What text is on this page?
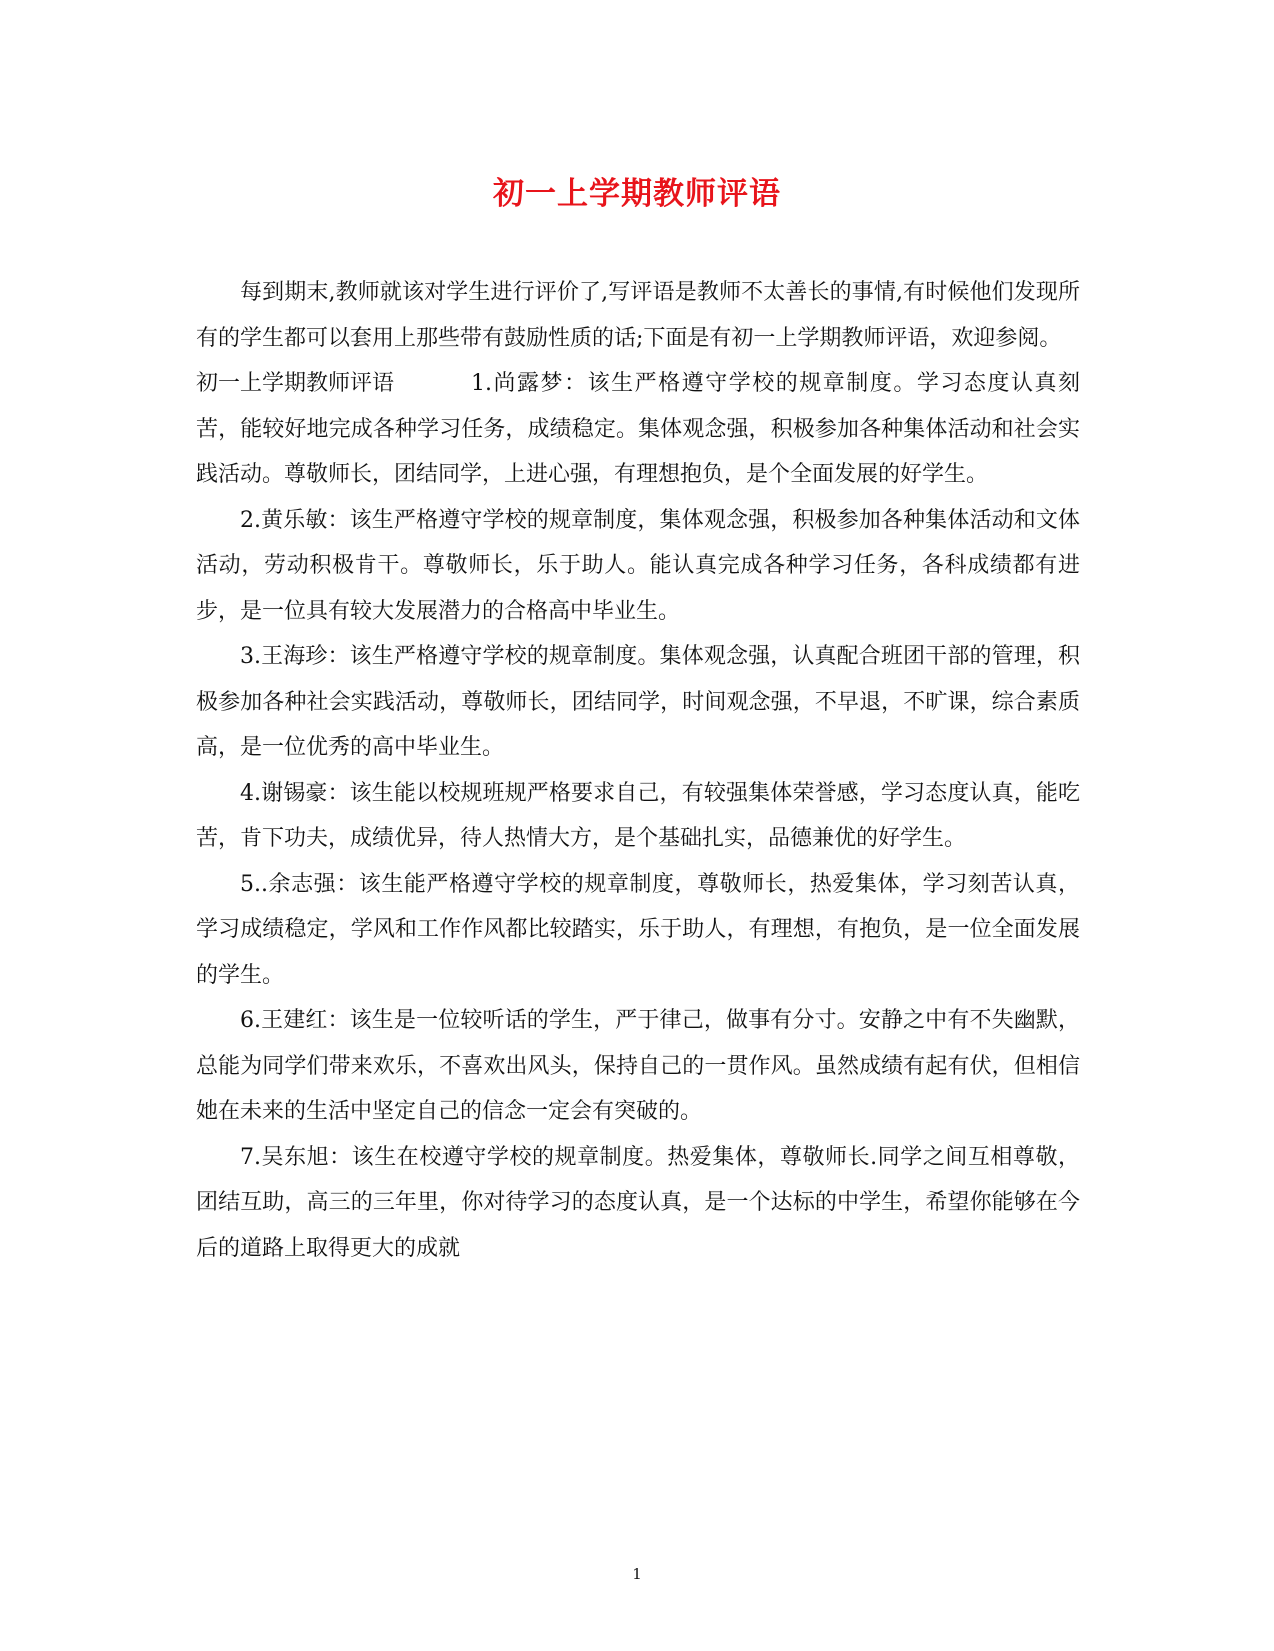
初一上学期教师评语

每到期末,教师就该对学生进行评价了,写评语是教师不太善长的事情,有时候他们发现所有的学生都可以套用上那些带有鼓励性质的话;下面是有初一上学期教师评语，欢迎参阅。

初一上学期教师评语	1.尚露梦：该生严格遵守学校的规章制度。学习态度认真刻苦，能较好地完成各种学习任务，成绩稳定。集体观念强，积极参加各种集体活动和社会实践活动。尊敬师长，团结同学，上进心强，有理想抱负，是个全面发展的好学生。

2.黄乐敏：该生严格遵守学校的规章制度，集体观念强，积极参加各种集体活动和文体活动，劳动积极肯干。尊敬师长，乐于助人。能认真完成各种学习任务，各科成绩都有进步，是一位具有较大发展潜力的合格高中毕业生。

3.王海珍：该生严格遵守学校的规章制度。集体观念强，认真配合班团干部的管理，积极参加各种社会实践活动，尊敬师长，团结同学，时间观念强，不早退，不旷课，综合素质高，是一位优秀的高中毕业生。

4.谢锡豪：该生能以校规班规严格要求自己，有较强集体荣誉感，学习态度认真，能吃苦，肯下功夫，成绩优异，待人热情大方，是个基础扎实，品德兼优的好学生。

5..余志强：该生能严格遵守学校的规章制度，尊敬师长，热爱集体，学习刻苦认真，学习成绩稳定，学风和工作作风都比较踏实，乐于助人，有理想，有抱负，是一位全面发展的学生。

6.王建红：该生是一位较听话的学生，严于律己，做事有分寸。安静之中有不失幽默，总能为同学们带来欢乐，不喜欢出风头，保持自己的一贯作风。虽然成绩有起有伏，但相信她在未来的生活中坚定自己的信念一定会有突破的。

7.吴东旭：该生在校遵守学校的规章制度。热爱集体，尊敬师长.同学之间互相尊敬，团结互助，高三的三年里，你对待学习的态度认真，是一个达标的中学生，希望你能够在今后的道路上取得更大的成就

1
